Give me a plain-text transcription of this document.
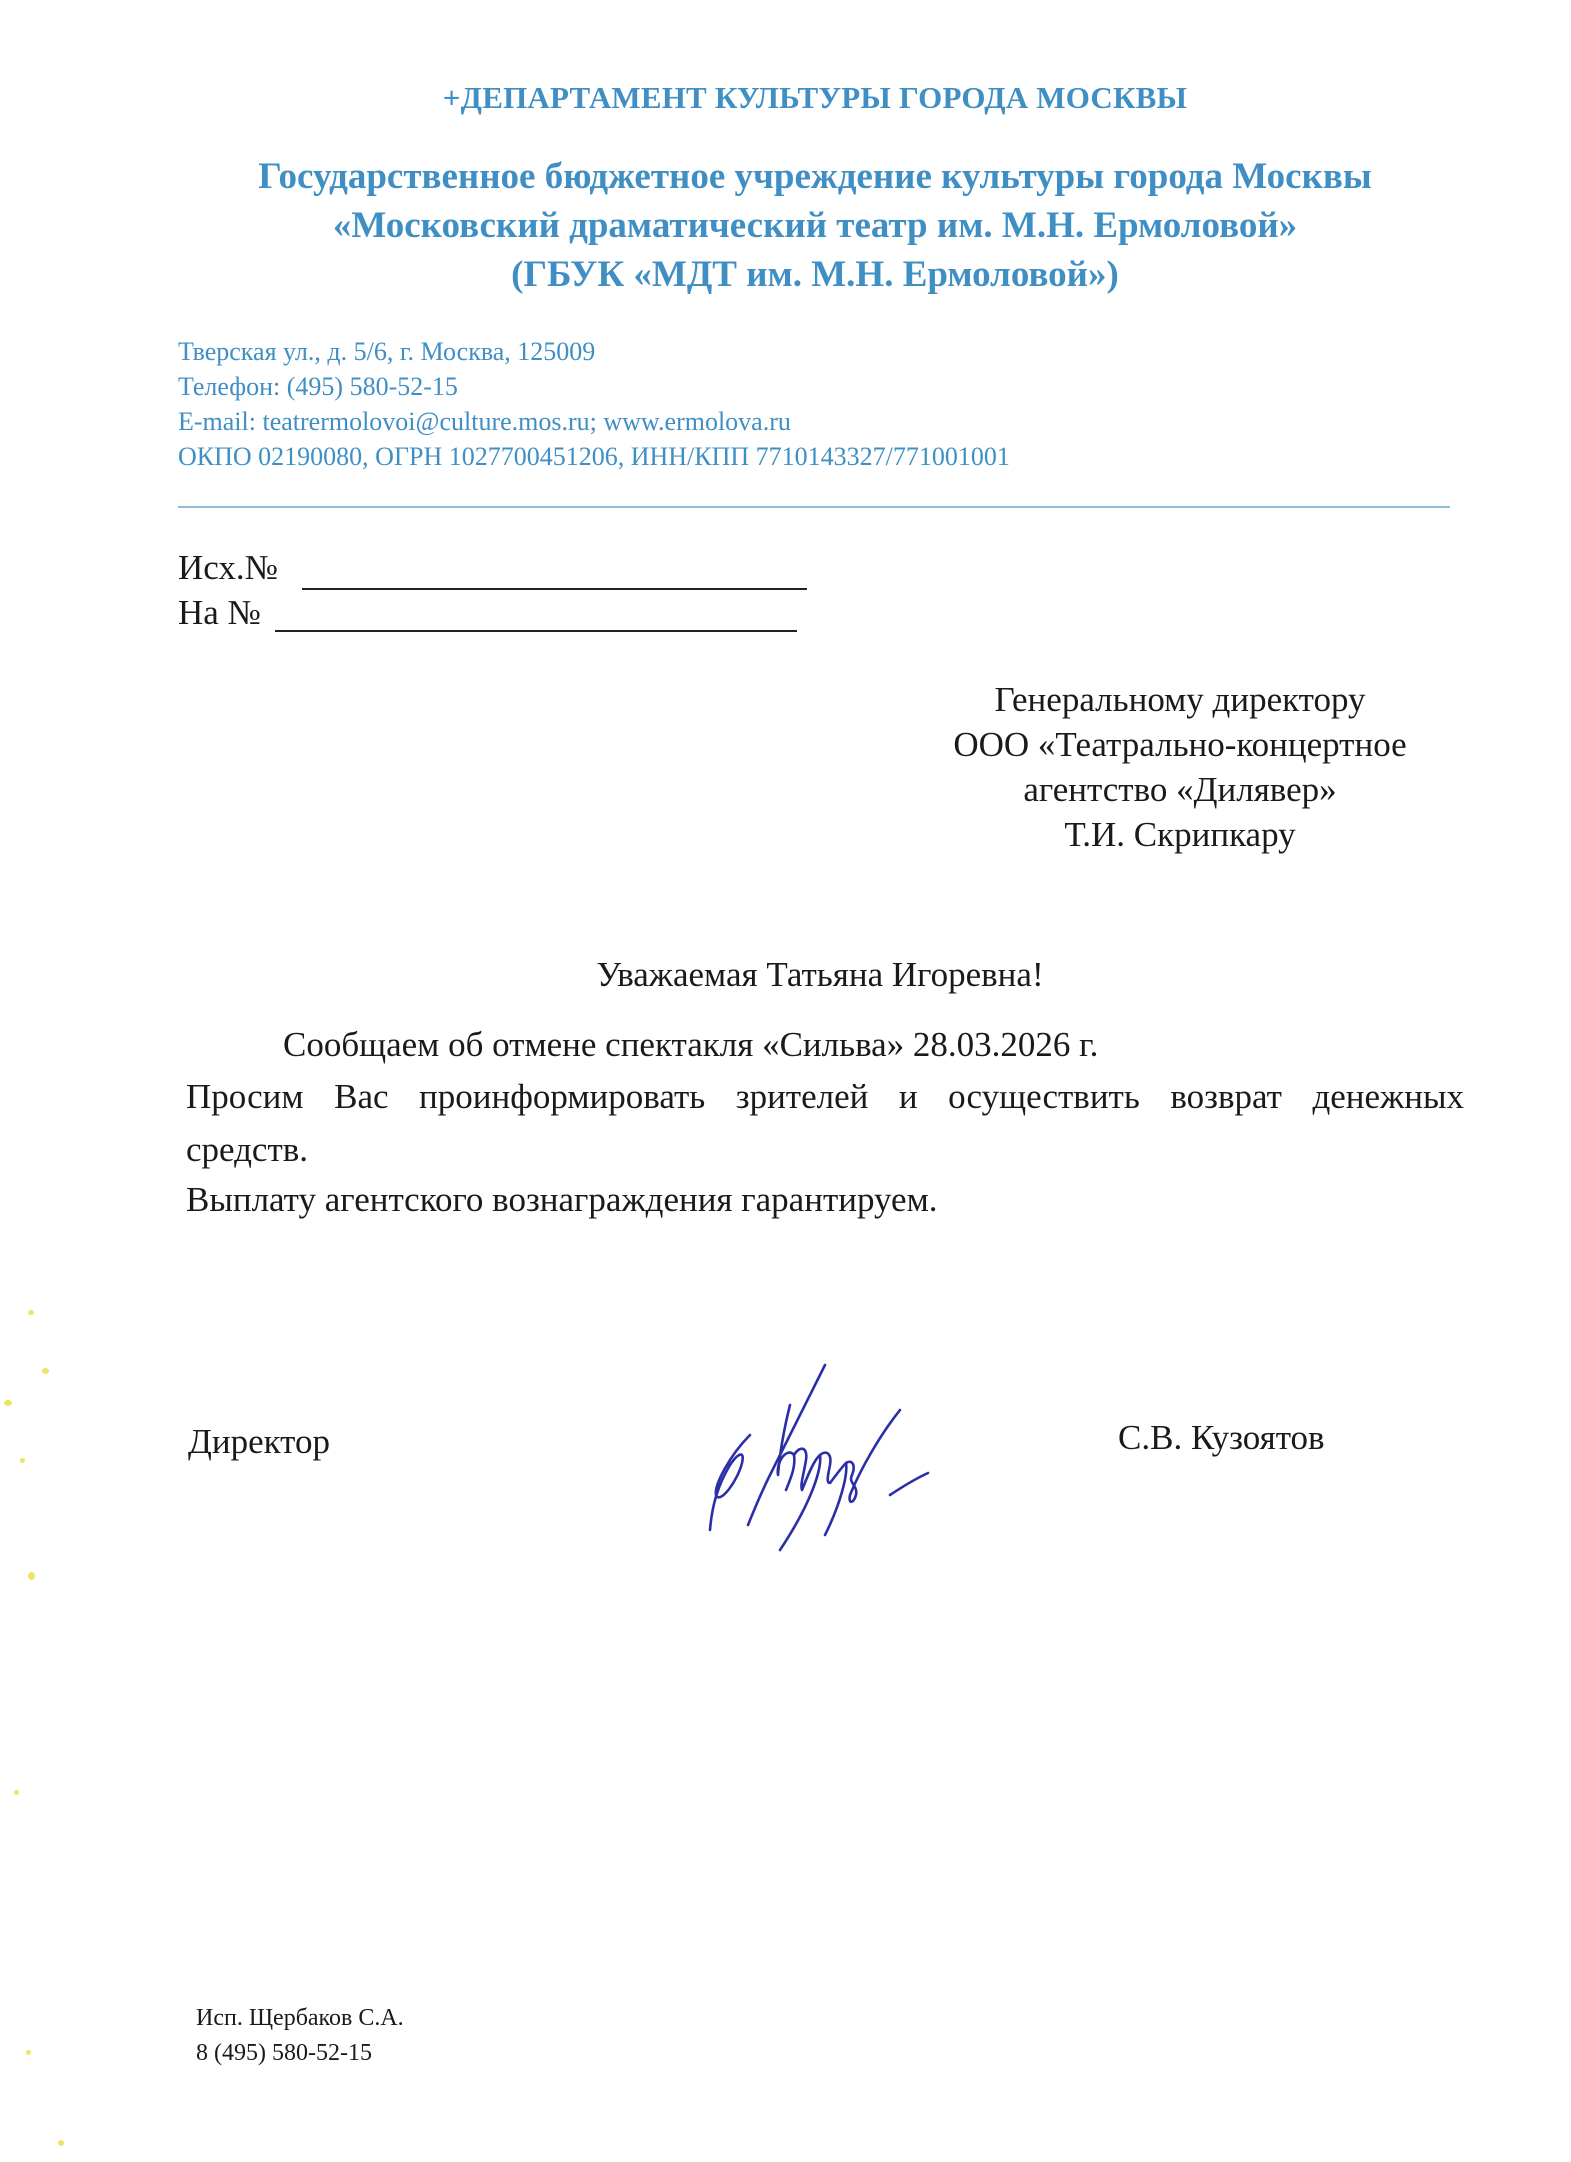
+ДЕПАРТАМЕНТ КУЛЬТУРЫ ГОРОДА МОСКВЫ
Государственное бюджетное учреждение культуры города Москвы
«Московский драматический театр им. М.Н. Ермоловой»
(ГБУК «МДТ им. М.Н. Ермоловой»)
Тверская ул., д. 5/6, г. Москва, 125009
Телефон: (495) 580-52-15
E-mail: teatrermolovoi@culture.mos.ru; www.ermolova.ru
ОКПО 02190080, ОГРН 1027700451206, ИНН/КПП 7710143327/771001001
Исх.№
На №
Генеральному директору
ООО «Театрально-концертное
агентство «Дилявер»
Т.И. Скрипкару
Уважаемая Татьяна Игоревна!
Сообщаем об отмене спектакля «Сильва» 28.03.2026 г.
Просим Вас проинформировать зрителей и осуществить возврат денежных
средств.
Выплату агентского вознаграждения гарантируем.
Директор	С.В. Кузоятов
Исп. Щербаков С.А.
8 (495) 580-52-15
